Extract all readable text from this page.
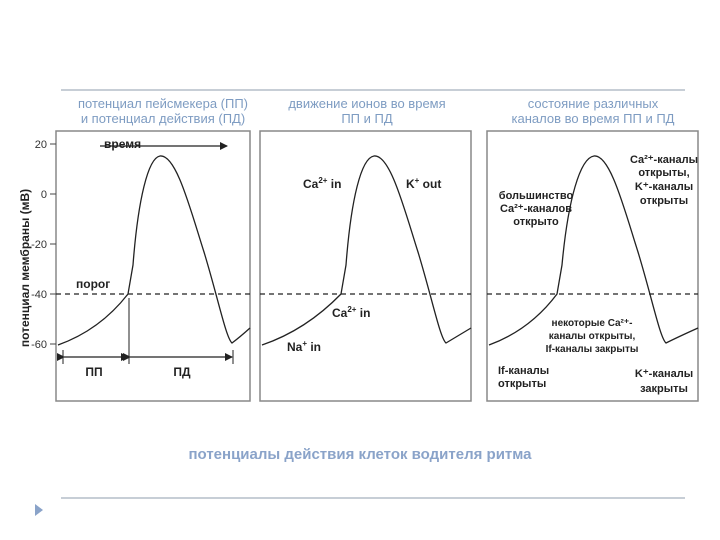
потенциал пейсмекера (ПП)
и потенциал действия (ПД)
движение ионов во время
ПП и ПД
состояние различных
каналов во время ПП и ПД
20
0
-20
-40
-60
потенциал мембраны (мВ)
время
порог
ПП	ПД
$Ca^{2+}$ in	K+ out
$Ca^{2+}$ in
Na+ in
большинство
Ca²⁺-каналов
открыто
Ca²⁺-каналы
открыты,
K⁺-каналы
открыты
некоторые Ca²⁺-
каналы открыты,
If-каналы закрыты
If-каналы
открыты
K⁺-каналы
закрыты
потенциалы действия клеток водителя ритма
